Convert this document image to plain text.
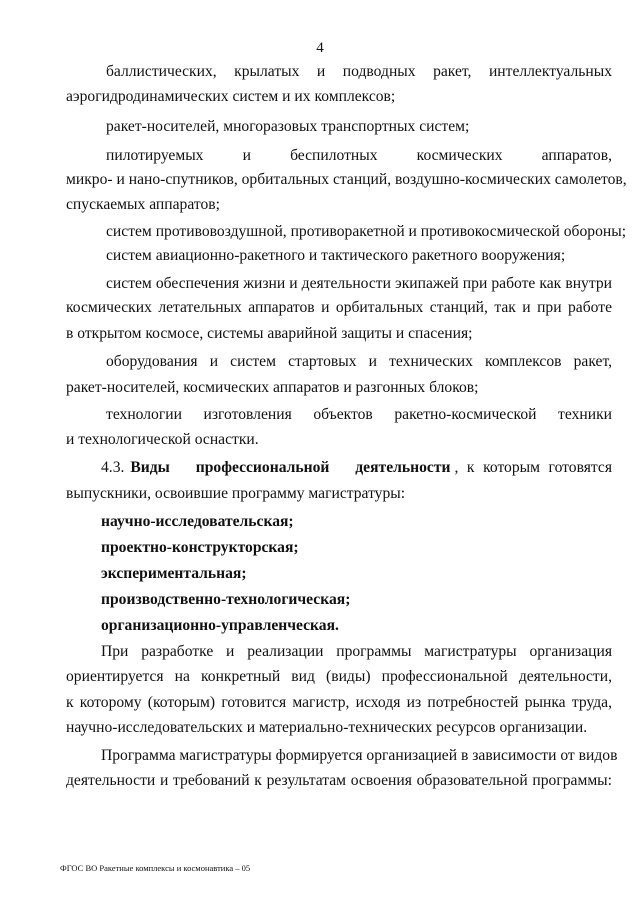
4

баллистических, крылатых и подводных ракет, интеллектуальных

аэрогидродинамических систем и их комплексов;

ракет-носителей, многоразовых транспортных систем;

пилотируемых и беспилотных космических аппаратов,

микро- и нано-спутников, орбитальных станций, воздушно-космических самолетов,

спускаемых аппаратов;

систем противовоздушной, противоракетной и противокосмической обороны;

систем авиационно-ракетного и тактического ракетного вооружения;

систем обеспечения жизни и деятельности экипажей при работе как внутри

космических летательных аппаратов и орбитальных станций, так и при работе

в открытом космосе, системы аварийной защиты и спасения;

оборудования и систем стартовых и технических комплексов ракет,

ракет-носителей, космических аппаратов и разгонных блоков;

технологии изготовления объектов ракетно-космической техники

и технологической оснастки.

4.3. Виды профессиональной деятельности , к которым готовятся

выпускники, освоившие программу магистратуры:

научно-исследовательская;

проектно-конструкторская;

экспериментальная;

производственно-технологическая;

организационно-управленческая.

При разработке и реализации программы магистратуры организация

ориентируется на конкретный вид (виды) профессиональной деятельности,

к которому (которым) готовится магистр, исходя из потребностей рынка труда,

научно-исследовательских и материально-технических ресурсов организации.

Программа магистратуры формируется организацией в зависимости от видов

деятельности и требований к результатам освоения образовательной программы:

ФГОС ВО Ракетные комплексы и космонавтика – 05
